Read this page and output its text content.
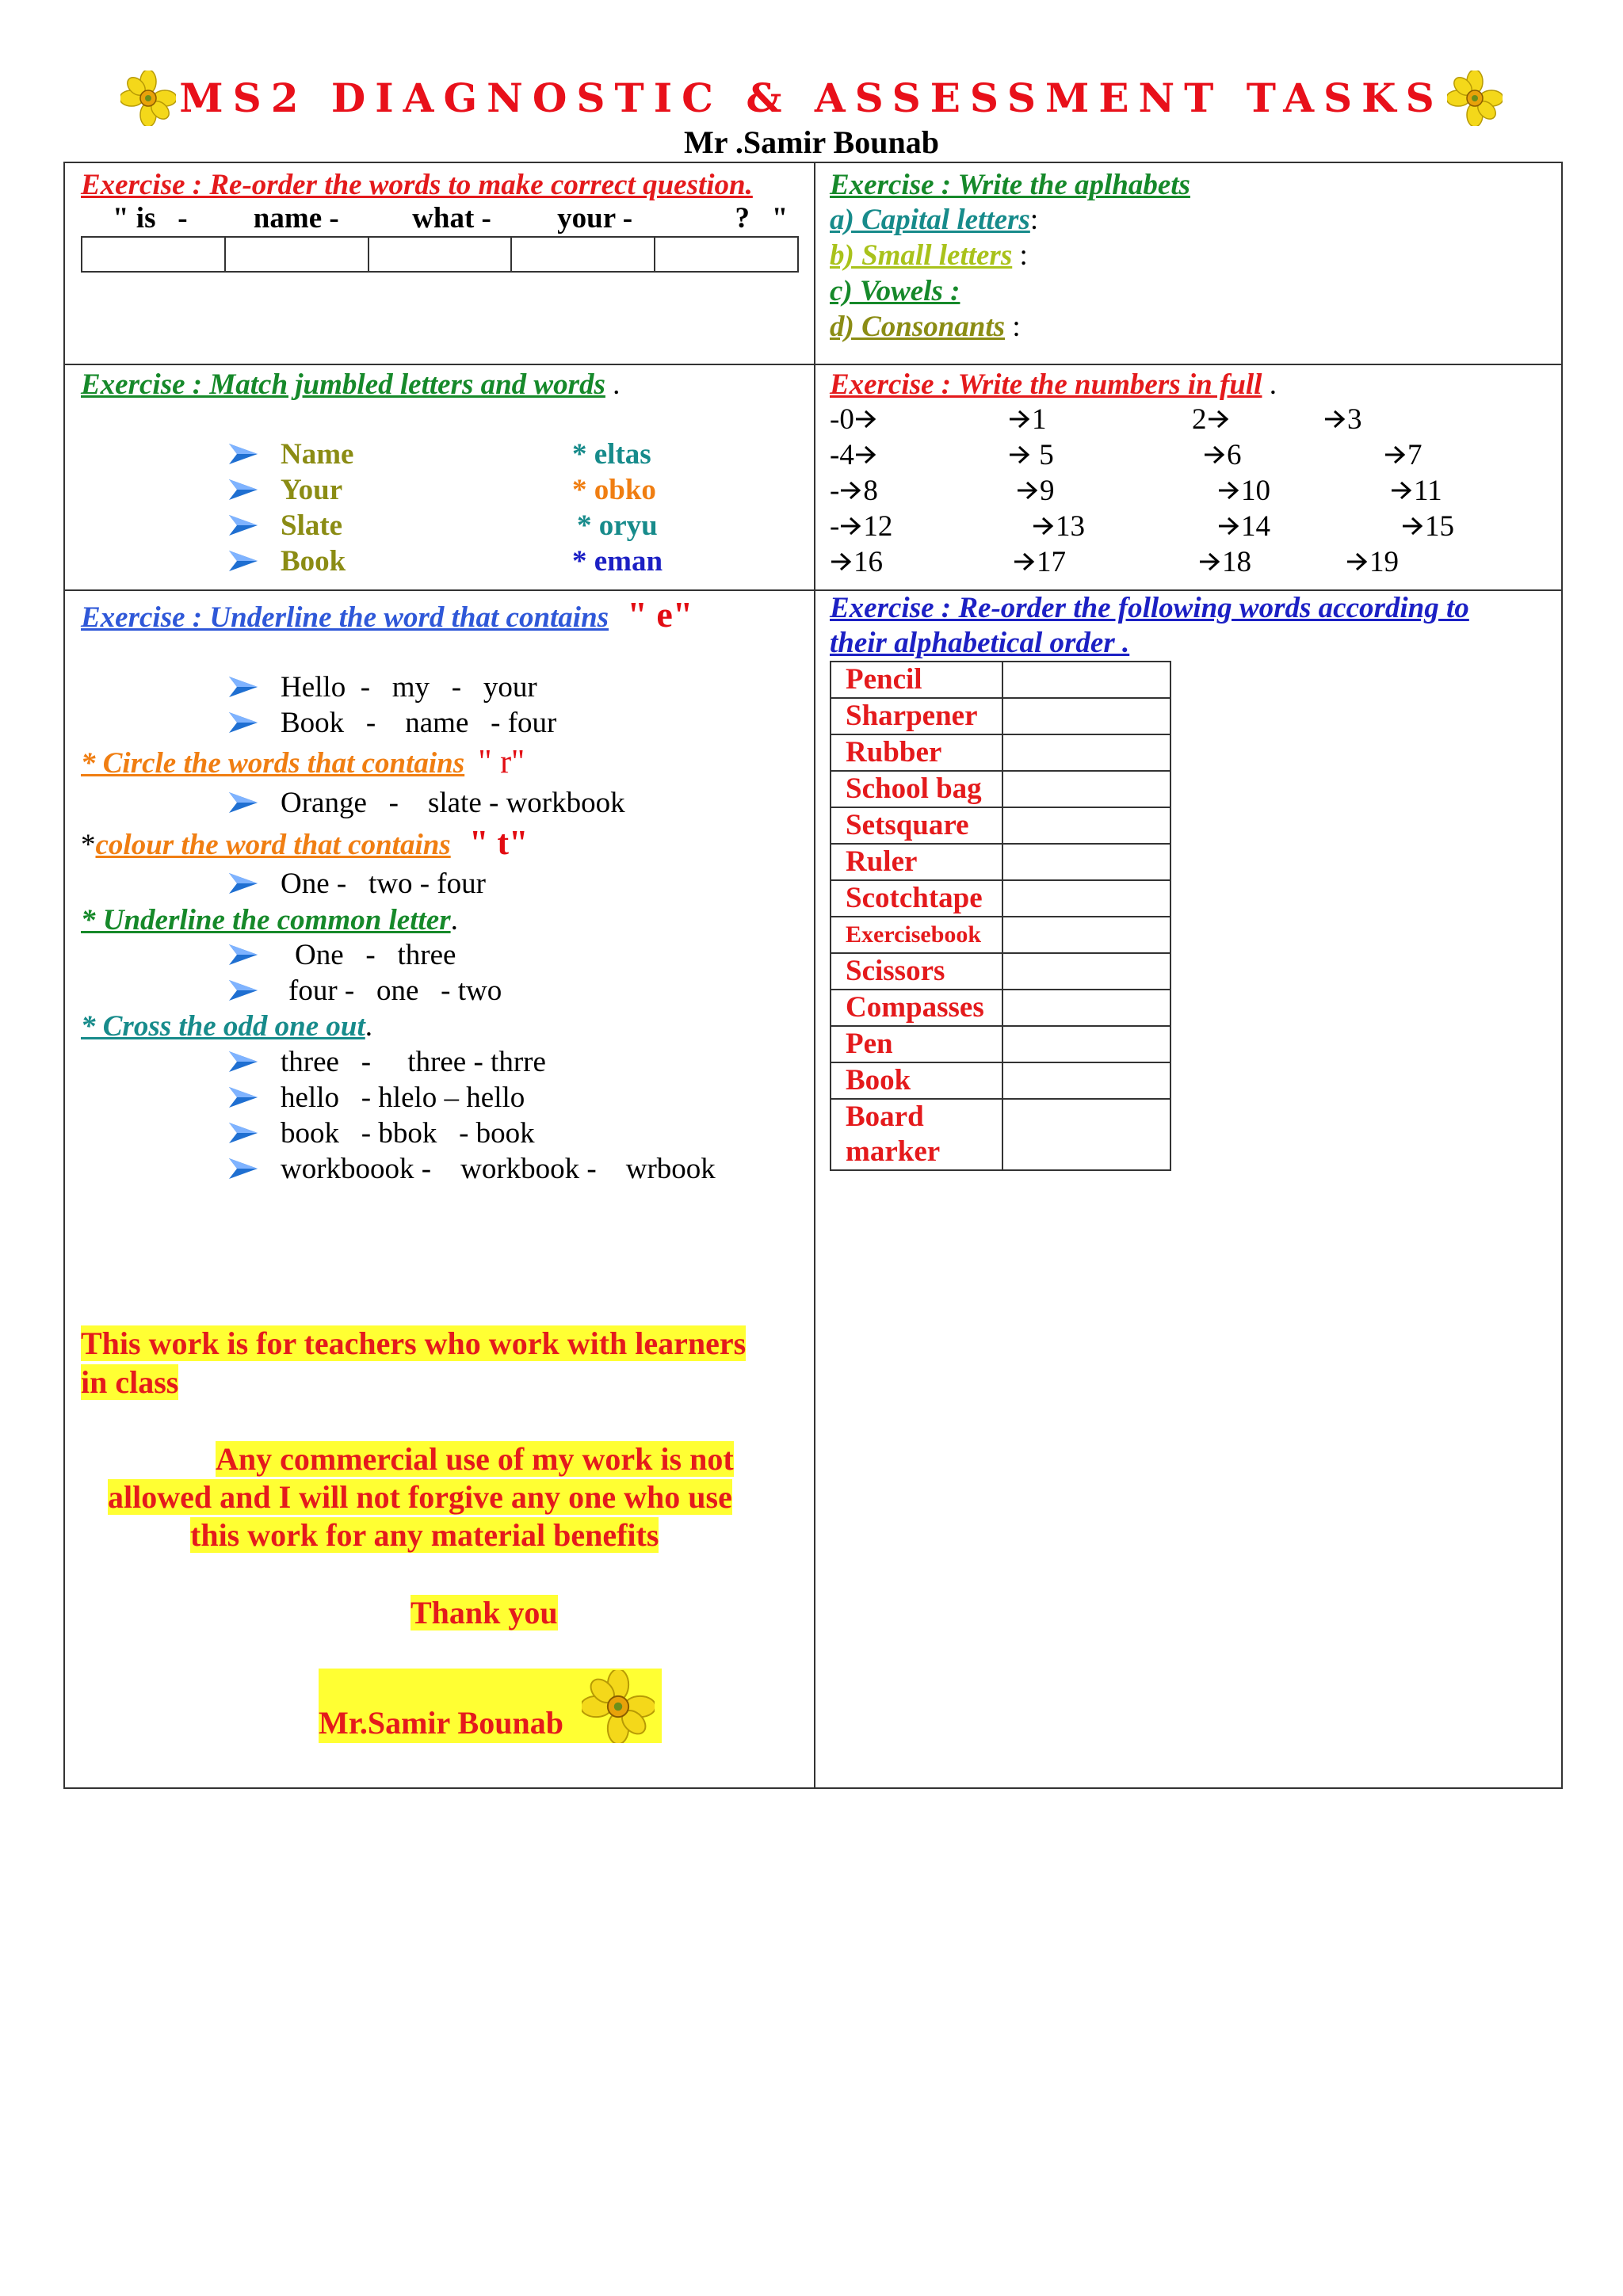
MS2 DIAGNOSTIC & ASSESSMENT TASKS
Mr .Samir Bounab
Exercise : Re-order the words to make correct question.
" is   -         name -          what -         your -              ?   "
Exercise : Write the aplhabets
a) Capital letters:
b) Small letters :
c) Vowels :
d) Consonants :
Exercise : Match jumbled letters and words .
Name	* eltas
Your	* obko
Slate	* oryu
Book	* eman
Exercise : Write the numbers in full .
-0	1	2	3
-4	5	6	7
- 8	9	10	11
- 12	13	14	15
16	17	18	19
Exercise : Underline the word that contains " e"
Hello  -   my   -   your
Book   -    name   - four
* Circle the words that contains " r"
Orange   -    slate - workbook
*colour the word that contains " t"
One -   two - four
* Underline the common letter.
One   -   three
four -   one   - two
* Cross the odd one out.
three   -     three - thrre
hello   - hlelo – hello
book   - bbok   - book
workboook -    workbook -    wrbook
This work is for teachers who work with learners
in class
Any commercial use of my work is not
allowed and I will not forgive any one who use
this work for any material benefits
Thank you
Mr.Samir Bounab
Exercise : Re-order the following words according to
their alphabetical order .
Pencil	
Sharpener	
Rubber	
School bag	
Setsquare	
Ruler	
Scotchtape	
Exercisebook	
Scissors	
Compasses	
Pen	
Book	
Board marker	
